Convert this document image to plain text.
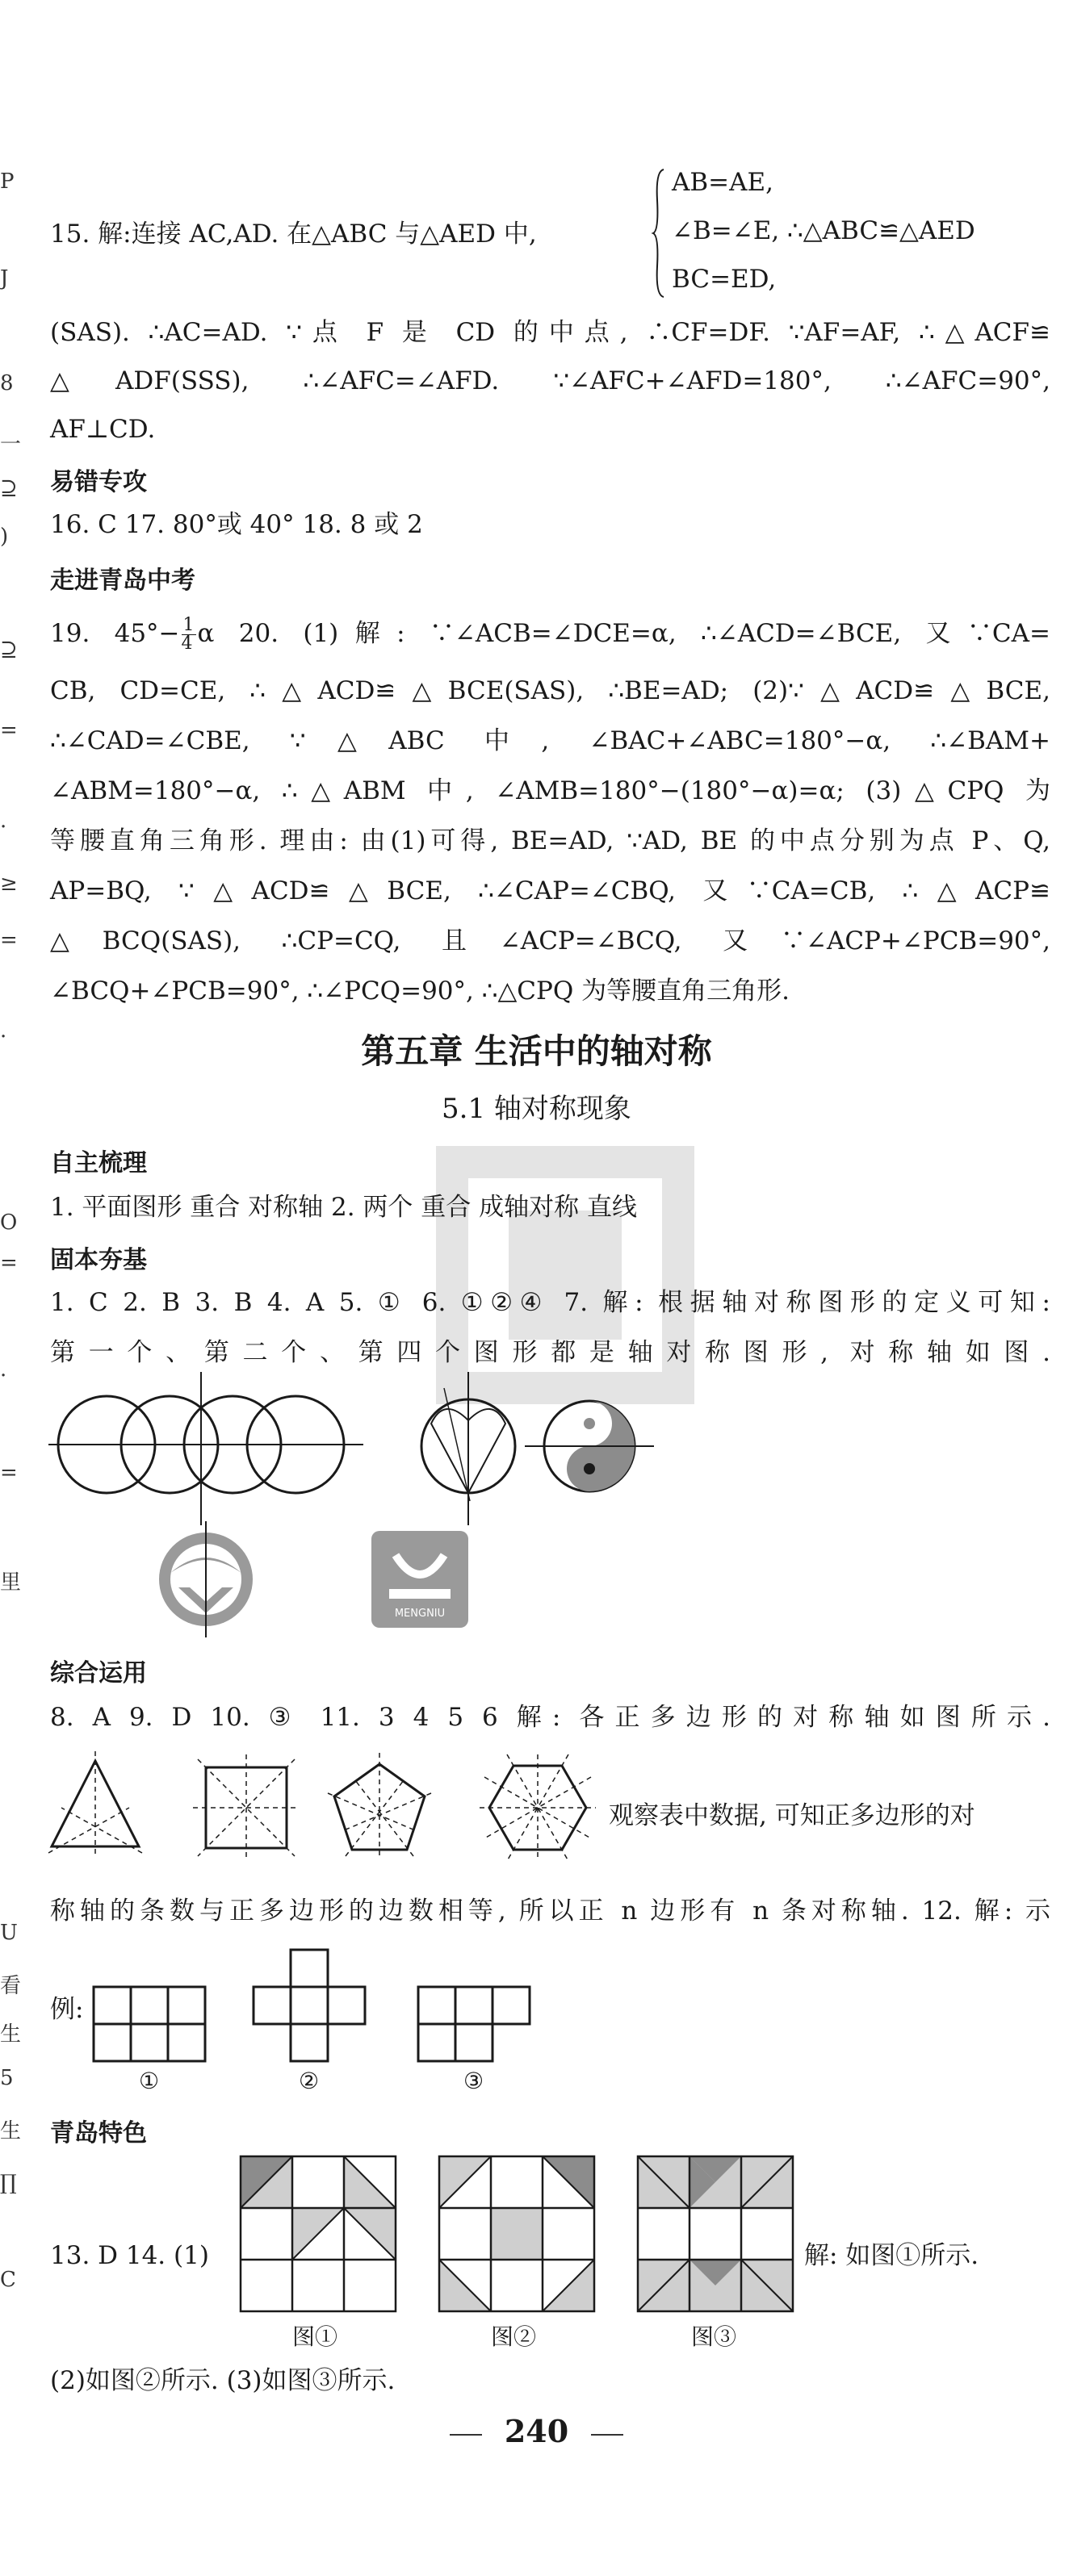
P
J
8
一
⊇
)
⊇
=
·
≥
=
·
O
=
·
=
里
U
看
生
5
生
∏
C
15. 解:连接 AC,AD. 在△ABC 与△AED 中,
AB=AE,
∠B=∠E, ∴△ABC≌△AED
BC=ED,
(SAS). ∴AC=AD. ∵点 F 是 CD 的中点, ∴CF=DF. ∵AF=AF, ∴△ACF≌
△ADF(SSS), ∴∠AFC=∠AFD. ∵∠AFC+∠AFD=180°, ∴∠AFC=90°,
AF⊥CD.
易错专攻
16. C 17. 80°或 40° 18. 8 或 2
走进青岛中考
19. $45^\circ- \frac{1}{4}$ α 20. (1)解: ∵∠ACB=∠DCE=α, ∴∠ACD=∠BCE, 又∵CA=
CB, CD=CE, ∴△ACD≌△BCE(SAS), ∴BE=AD; (2)∵△ACD≌△BCE,
∴∠CAD=∠CBE, ∵△ABC 中, ∠BAC+∠ABC=180°−α, ∴∠BAM+
∠ABM=180°−α, ∴△ABM 中, ∠AMB=180°−(180°−α)=α; (3)△CPQ 为
等腰直角三角形. 理由: 由(1)可得, BE=AD, ∵AD, BE 的中点分别为点 P、Q,
AP=BQ, ∵△ACD≌△BCE, ∴∠CAP=∠CBQ, 又∵CA=CB, ∴△ACP≌
△BCQ(SAS), ∴CP=CQ, 且∠ACP=∠BCQ, 又∵∠ACP+∠PCB=90°,
∠BCQ+∠PCB=90°, ∴∠PCQ=90°, ∴△CPQ 为等腰直角三角形.
第五章 生活中的轴对称
5.1 轴对称现象
自主梳理
1. 平面图形 重合 对称轴 2. 两个 重合 成轴对称 直线
固本夯基
1. C 2. B 3. B 4. A 5. ① 6. ①②④ 7. 解: 根据轴对称图形的定义可知:
第一个、第二个、第四个图形都是轴对称图形, 对称轴如图.
MENGNIU
综合运用
8. A 9. D 10. ③ 11. 3 4 5 6 解: 各正多边形的对称轴如图所示.
观察表中数据, 可知正多边形的对
称轴的条数与正多边形的边数相等, 所以正 n 边形有 n 条对称轴. 12. 解: 示
例:
①	②	③
青岛特色
13. D 14. (1)	解: 如图①所示.
图①	图②	图③
(2)如图②所示. (3)如图③所示.
240
